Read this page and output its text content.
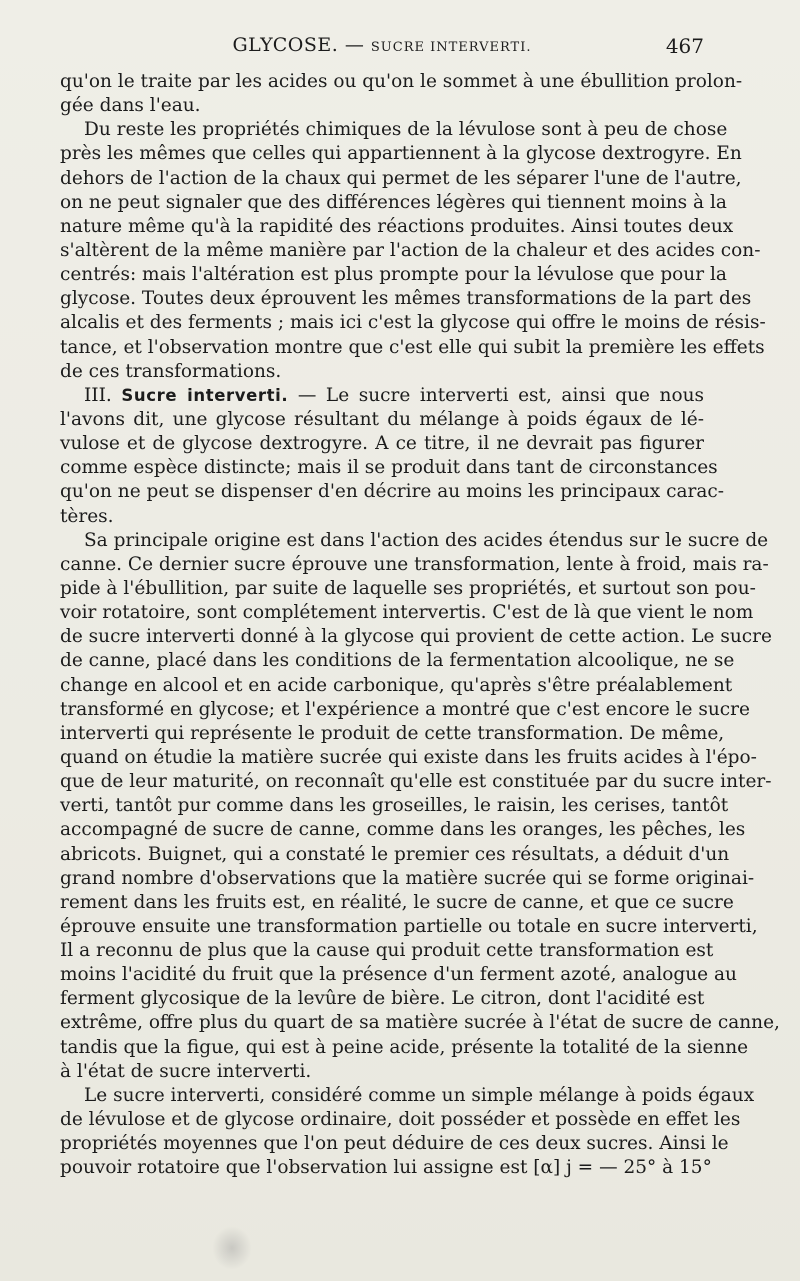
GLYCOSE. — SUCRE INTERVERTI.	467
qu'on le traite par les acides ou qu'on le sommet à une ébullition prolon-
gée dans l'eau.
Du reste les propriétés chimiques de la lévulose sont à peu de chose
près les mêmes que celles qui appartiennent à la glycose dextrogyre. En
dehors de l'action de la chaux qui permet de les séparer l'une de l'autre,
on ne peut signaler que des différences légères qui tiennent moins à la
nature même qu'à la rapidité des réactions produites. Ainsi toutes deux
s'altèrent de la même manière par l'action de la chaleur et des acides con-
centrés: mais l'altération est plus prompte pour la lévulose que pour la
glycose. Toutes deux éprouvent les mêmes transformations de la part des
alcalis et des ferments ; mais ici c'est la glycose qui offre le moins de résis-
tance, et l'observation montre que c'est elle qui subit la première les effets
de ces transformations.
III. Sucre interverti. — Le sucre interverti est, ainsi que nous
l'avons dit, une glycose résultant du mélange à poids égaux de lé-
vulose et de glycose dextrogyre. A ce titre, il ne devrait pas figurer
comme espèce distincte; mais il se produit dans tant de circonstances
qu'on ne peut se dispenser d'en décrire au moins les principaux carac-
tères.
Sa principale origine est dans l'action des acides étendus sur le sucre de
canne. Ce dernier sucre éprouve une transformation, lente à froid, mais ra-
pide à l'ébullition, par suite de laquelle ses propriétés, et surtout son pou-
voir rotatoire, sont complétement intervertis. C'est de là que vient le nom
de sucre interverti donné à la glycose qui provient de cette action. Le sucre
de canne, placé dans les conditions de la fermentation alcoolique, ne se
change en alcool et en acide carbonique, qu'après s'être préalablement
transformé en glycose; et l'expérience a montré que c'est encore le sucre
interverti qui représente le produit de cette transformation. De même,
quand on étudie la matière sucrée qui existe dans les fruits acides à l'épo-
que de leur maturité, on reconnaît qu'elle est constituée par du sucre inter-
verti, tantôt pur comme dans les groseilles, le raisin, les cerises, tantôt
accompagné de sucre de canne, comme dans les oranges, les pêches, les
abricots. Buignet, qui a constaté le premier ces résultats, a déduit d'un
grand nombre d'observations que la matière sucrée qui se forme originai-
rement dans les fruits est, en réalité, le sucre de canne, et que ce sucre
éprouve ensuite une transformation partielle ou totale en sucre interverti,
Il a reconnu de plus que la cause qui produit cette transformation est
moins l'acidité du fruit que la présence d'un ferment azoté, analogue au
ferment glycosique de la levûre de bière. Le citron, dont l'acidité est
extrême, offre plus du quart de sa matière sucrée à l'état de sucre de canne,
tandis que la figue, qui est à peine acide, présente la totalité de la sienne
à l'état de sucre interverti.
Le sucre interverti, considéré comme un simple mélange à poids égaux
de lévulose et de glycose ordinaire, doit posséder et possède en effet les
propriétés moyennes que l'on peut déduire de ces deux sucres. Ainsi le
pouvoir rotatoire que l'observation lui assigne est [α] j = — 25° à 15°
